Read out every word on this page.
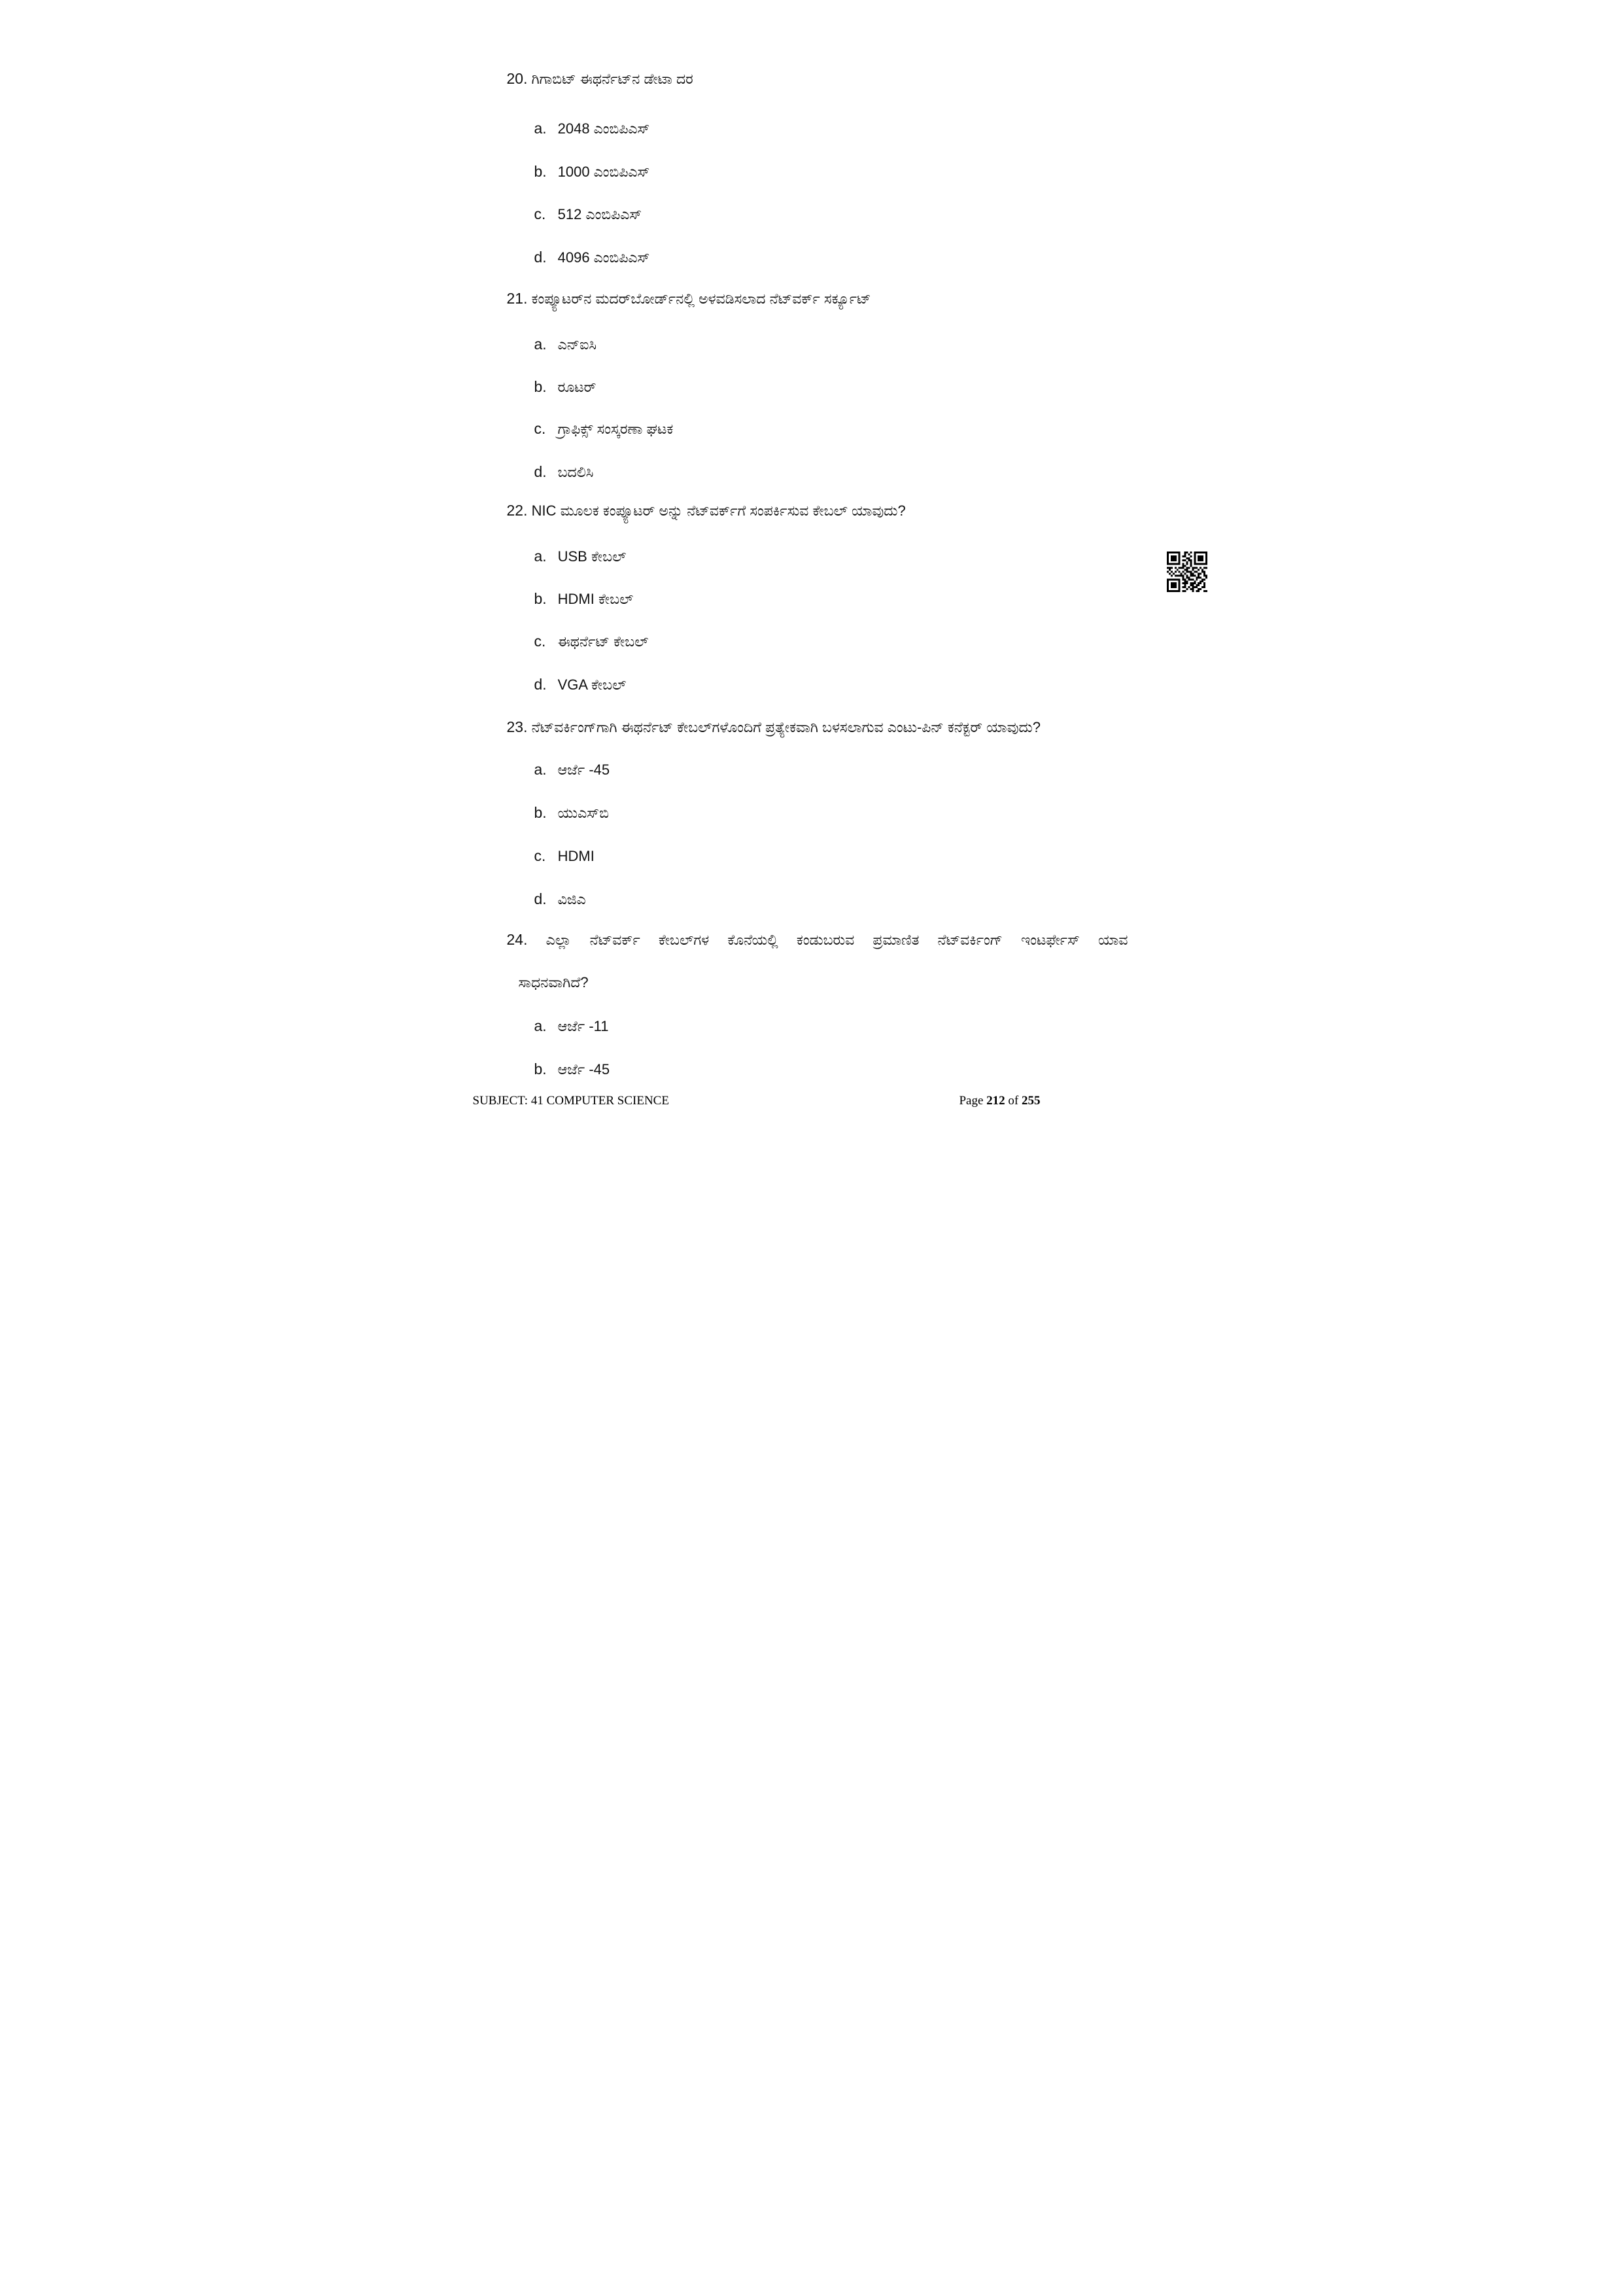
20. ಗಿಗಾಬಿಟ್ ಈಥರ್ನೆಟ್‌ನ ಡೇಟಾ ದರ
a. 2048 ಎಂಬಿಪಿಎಸ್
b. 1000 ಎಂಬಿಪಿಎಸ್
c. 512 ಎಂಬಿಪಿಎಸ್
d. 4096 ಎಂಬಿಪಿಎಸ್
21. ಕಂಪ್ಯೂಟರ್‌ನ ಮದರ್‌ಬೋರ್ಡ್‌ನಲ್ಲಿ ಅಳವಡಿಸಲಾದ ನೆಟ್‌ವರ್ಕ್ ಸರ್ಕ್ಯೂಟ್
a. ಎನ್‌ಐಸಿ
b. ರೂಟರ್
c. ಗ್ರಾಫಿಕ್ಸ್ ಸಂಸ್ಕರಣಾ ಘಟಕ
d. ಬದಲಿಸಿ
22. NIC ಮೂಲಕ ಕಂಪ್ಯೂಟರ್ ಅನ್ನು ನೆಟ್‌ವರ್ಕ್‌ಗೆ ಸಂಪರ್ಕಿಸುವ ಕೇಬಲ್ ಯಾವುದು?
a. USB ಕೇಬಲ್
b. HDMI ಕೇಬಲ್
c. ಈಥರ್ನೆಟ್ ಕೇಬಲ್
d. VGA ಕೇಬಲ್
23. ನೆಟ್‌ವರ್ಕಿಂಗ್‌ಗಾಗಿ ಈಥರ್ನೆಟ್ ಕೇಬಲ್‌ಗಳೊಂದಿಗೆ ಪ್ರತ್ಯೇಕವಾಗಿ ಬಳಸಲಾಗುವ ಎಂಟು-ಪಿನ್ ಕನೆಕ್ಟರ್ ಯಾವುದು?
a. ಆರ್ಜೆ -45
b. ಯುಎಸ್‌ಬಿ
c. HDMI
d. ವಿಜಿಎ
24. ಎಲ್ಲಾ ನೆಟ್‌ವರ್ಕ್ ಕೇಬಲ್‌ಗಳ ಕೊನೆಯಲ್ಲಿ ಕಂಡುಬರುವ ಪ್ರಮಾಣಿತ ನೆಟ್‌ವರ್ಕಿಂಗ್ ಇಂಟರ್ಫೇಸ್ ಯಾವ
ಸಾಧನವಾಗಿದೆ?
a. ಆರ್ಜೆ -11
b. ಆರ್ಜೆ -45
SUBJECT: 41 COMPUTER SCIENCE	Page 212 of 255
